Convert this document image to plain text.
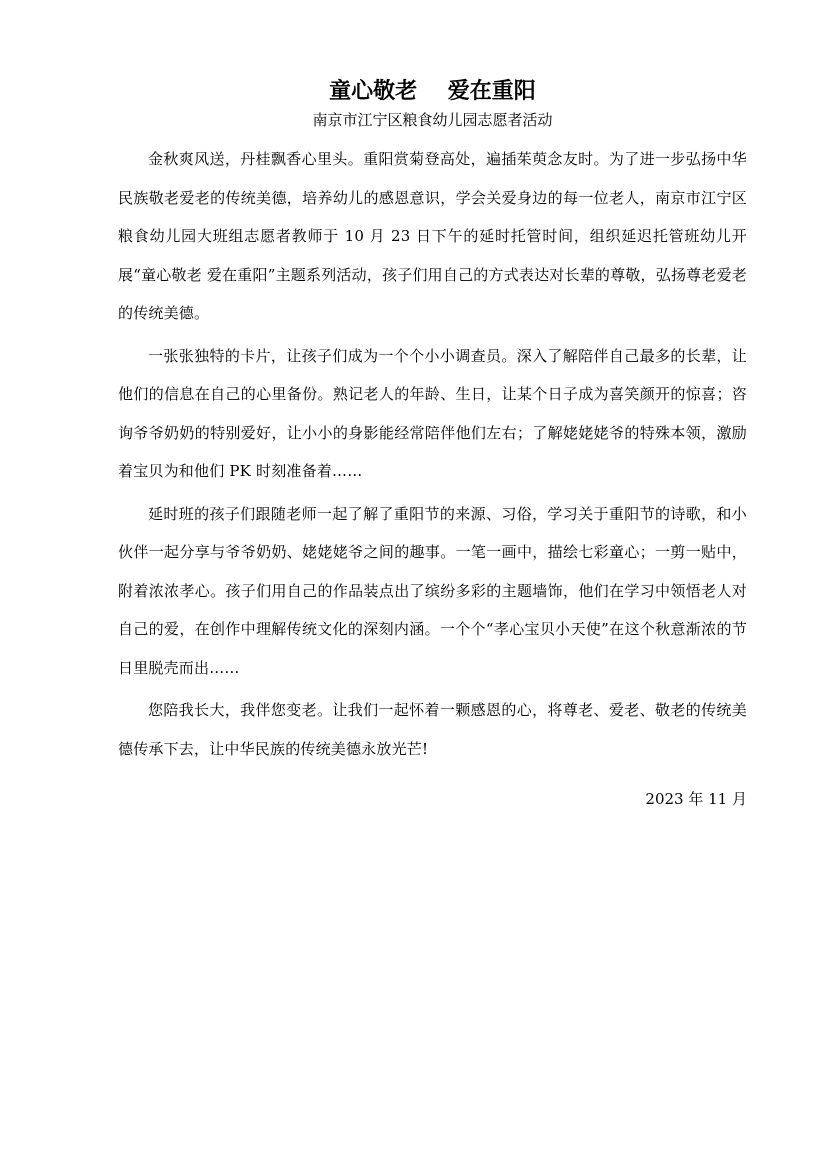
童心敬老    爱在重阳
南京市江宁区粮食幼儿园志愿者活动

金秋爽风送，丹桂飘香心里头。重阳赏菊登高处，遍插茱萸念友时。为了进一步弘扬中华民族敬老爱老的传统美德，培养幼儿的感恩意识，学会关爱身边的每一位老人，南京市江宁区粮食幼儿园大班组志愿者教师于 10 月 23 日下午的延时托管时间，组织延迟托管班幼儿开展“童心敬老 爱在重阳”主题系列活动，孩子们用自己的方式表达对长辈的尊敬，弘扬尊老爱老的传统美德。

一张张独特的卡片，让孩子们成为一个个小小调查员。深入了解陪伴自己最多的长辈，让他们的信息在自己的心里备份。熟记老人的年龄、生日，让某个日子成为喜笑颜开的惊喜；咨询爷爷奶奶的特别爱好，让小小的身影能经常陪伴他们左右；了解姥姥姥爷的特殊本领，激励着宝贝为和他们 PK 时刻准备着……

延时班的孩子们跟随老师一起了解了重阳节的来源、习俗，学习关于重阳节的诗歌，和小伙伴一起分享与爷爷奶奶、姥姥姥爷之间的趣事。一笔一画中，描绘七彩童心；一剪一贴中，附着浓浓孝心。孩子们用自己的作品装点出了缤纷多彩的主题墙饰，他们在学习中领悟老人对自己的爱，在创作中理解传统文化的深刻内涵。一个个“孝心宝贝小天使”在这个秋意渐浓的节日里脱壳而出……

您陪我长大，我伴您变老。让我们一起怀着一颗感恩的心，将尊老、爱老、敬老的传统美德传承下去，让中华民族的传统美德永放光芒!

2023 年 11 月
